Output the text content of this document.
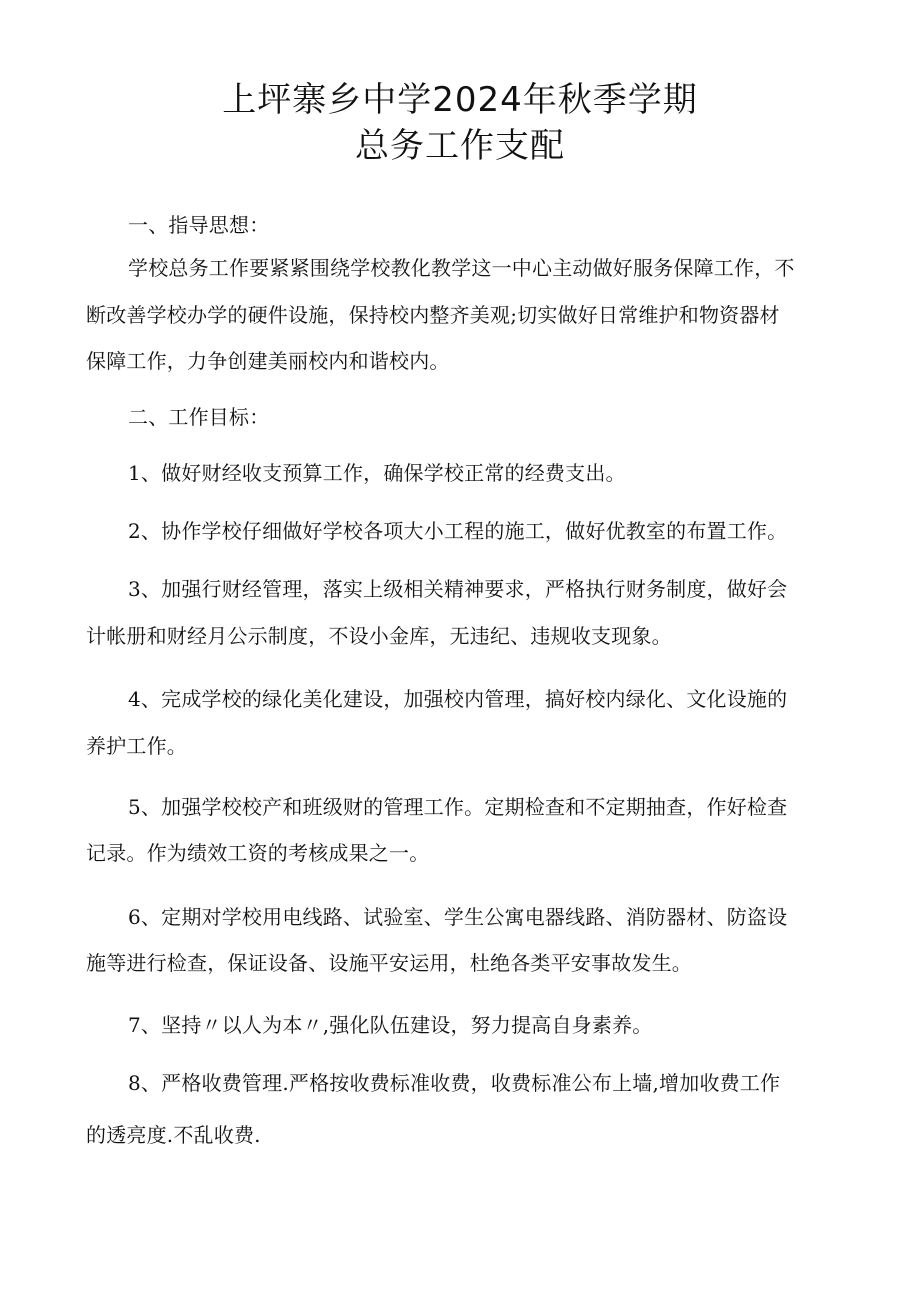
上坪寨乡中学2024年秋季学期
总务工作支配
一、指导思想：
学校总务工作要紧紧围绕学校教化教学这一中心主动做好服务保障工作，不
断改善学校办学的硬件设施，保持校内整齐美观;切实做好日常维护和物资器材
保障工作，力争创建美丽校内和谐校内。
二、工作目标：
1、做好财经收支预算工作，确保学校正常的经费支出。
2、协作学校仔细做好学校各项大小工程的施工，做好优教室的布置工作。
3、加强行财经管理，落实上级相关精神要求，严格执行财务制度，做好会
计帐册和财经月公示制度，不设小金库，无违纪、违规收支现象。
4、完成学校的绿化美化建设，加强校内管理，搞好校内绿化、文化设施的
养护工作。
5、加强学校校产和班级财的管理工作。定期检查和不定期抽查，作好检查
记录。作为绩效工资的考核成果之一。
6、定期对学校用电线路、试验室、学生公寓电器线路、消防器材、防盗设
施等进行检查，保证设备、设施平安运用，杜绝各类平安事故发生。
7、坚持〃以人为本〃,强化队伍建设，努力提高自身素养。
8、严格收费管理.严格按收费标准收费，收费标准公布上墙,增加收费工作
的透亮度.不乱收费.
